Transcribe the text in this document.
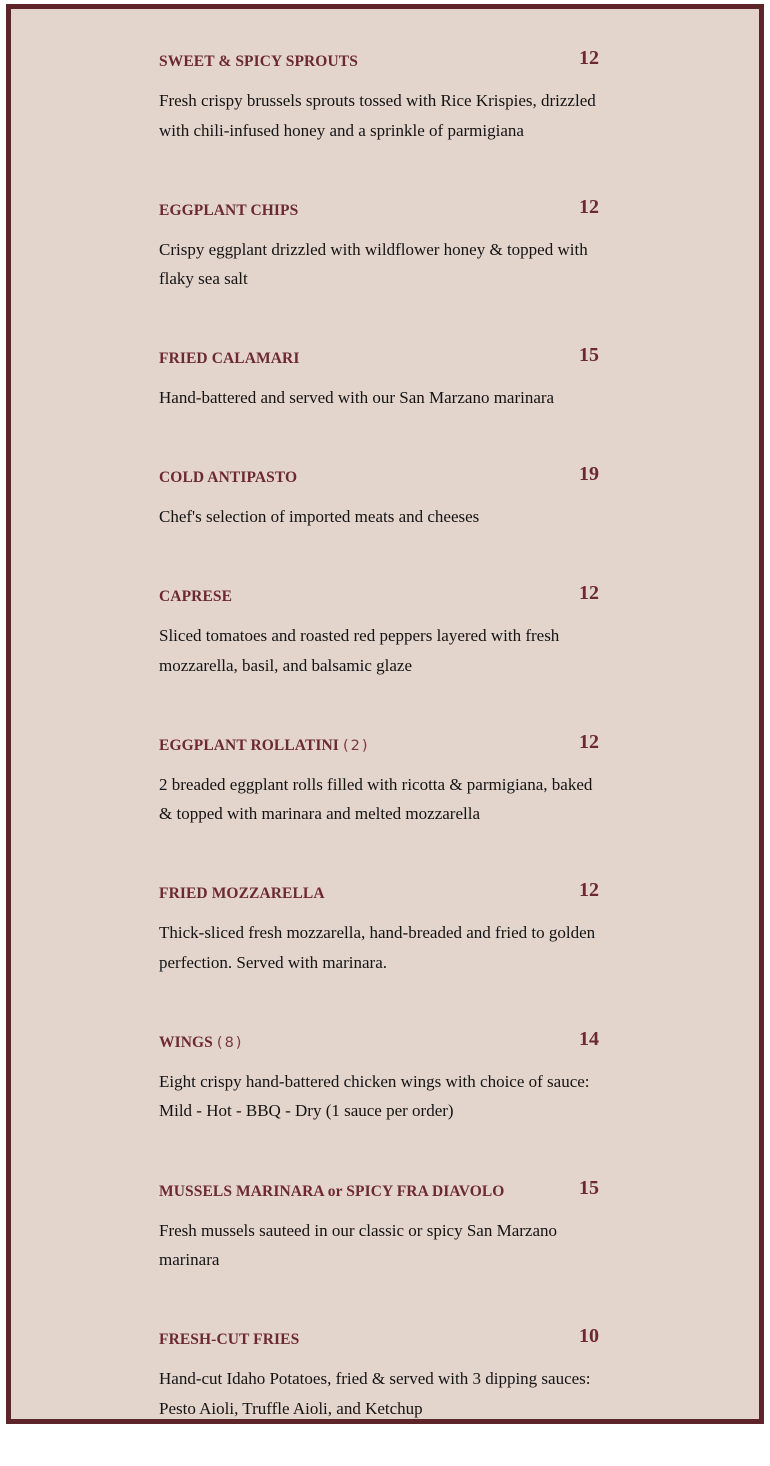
SWEET & SPICY SPROUTS	12
Fresh crispy brussels sprouts tossed with Rice Krispies, drizzled with chili-infused honey and a sprinkle of parmigiana
EGGPLANT CHIPS	12
Crispy eggplant drizzled with wildflower honey & topped with flaky sea salt
FRIED CALAMARI	15
Hand-battered and served with our San Marzano marinara
COLD ANTIPASTO	19
Chef's selection of imported meats and cheeses
CAPRESE	12
Sliced tomatoes and roasted red peppers layered with fresh mozzarella, basil, and balsamic glaze
EGGPLANT ROLLATINI (2)	12
2 breaded eggplant rolls filled with ricotta & parmigiana, baked & topped with marinara and melted mozzarella
FRIED MOZZARELLA	12
Thick-sliced fresh mozzarella, hand-breaded and fried to golden perfection. Served with marinara.
WINGS (8)	14
Eight crispy hand-battered chicken wings with choice of sauce: Mild - Hot - BBQ - Dry (1 sauce per order)
MUSSELS MARINARA or SPICY FRA DIAVOLO	15
Fresh mussels sauteed in our classic or spicy San Marzano marinara
FRESH-CUT FRIES	10
Hand-cut Idaho Potatoes, fried & served with 3 dipping sauces: Pesto Aioli, Truffle Aioli, and Ketchup
